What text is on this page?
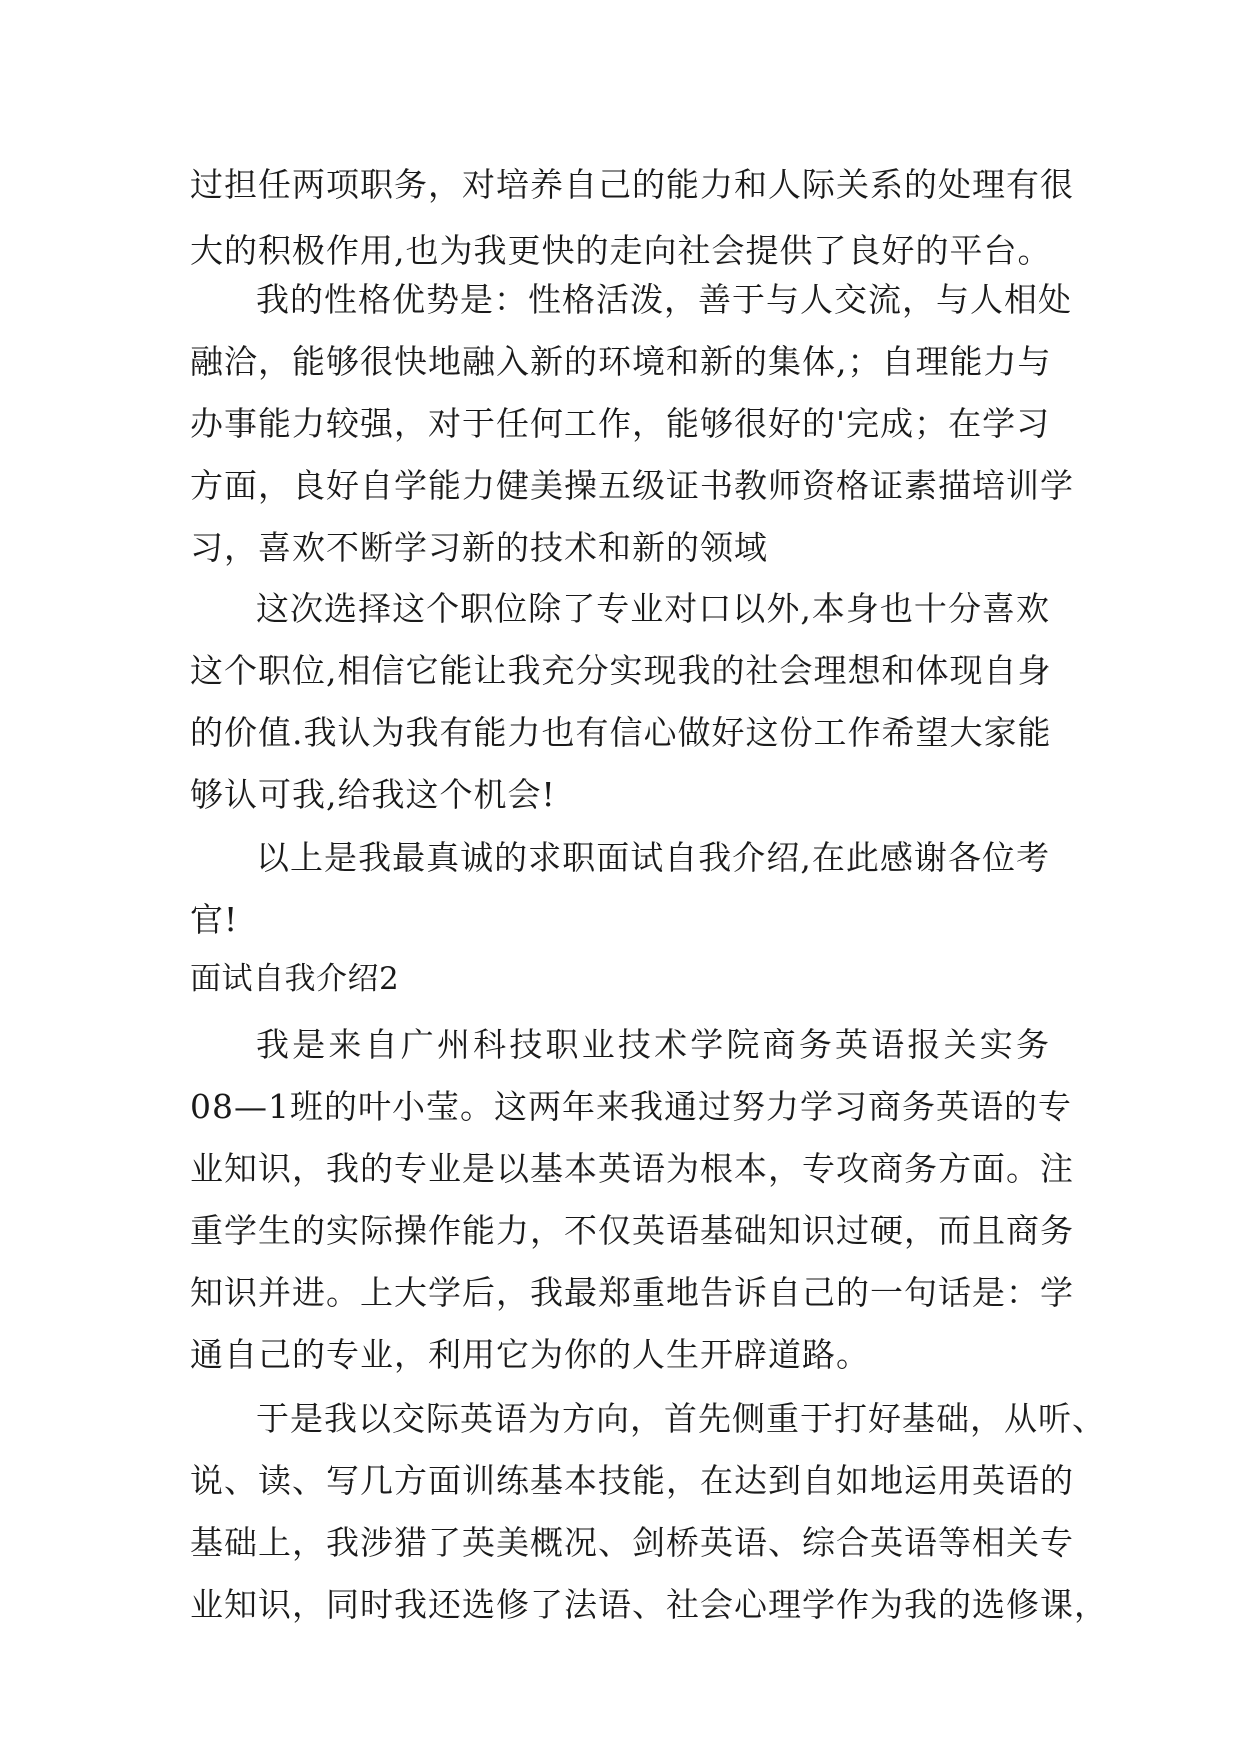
过担任两项职务，对培养自己的能力和人际关系的处理有很
大的积极作用,也为我更快的走向社会提供了良好的平台。
我的性格优势是：性格活泼，善于与人交流，与人相处
融洽，能够很快地融入新的环境和新的集体,；自理能力与
办事能力较强，对于任何工作，能够很好的'完成；在学习
方面，良好自学能力健美操五级证书教师资格证素描培训学
习，喜欢不断学习新的技术和新的领域
这次选择这个职位除了专业对口以外,本身也十分喜欢
这个职位,相信它能让我充分实现我的社会理想和体现自身
的价值.我认为我有能力也有信心做好这份工作希望大家能
够认可我,给我这个机会!
以上是我最真诚的求职面试自我介绍,在此感谢各位考
官!
面试自我介绍2
我是来自广州科技职业技术学院商务英语报关实务
08—1班的叶小莹。这两年来我通过努力学习商务英语的专
业知识，我的专业是以基本英语为根本，专攻商务方面。注
重学生的实际操作能力，不仅英语基础知识过硬，而且商务
知识并进。上大学后，我最郑重地告诉自己的一句话是：学
通自己的专业，利用它为你的人生开辟道路。
于是我以交际英语为方向，首先侧重于打好基础，从听、
说、读、写几方面训练基本技能，在达到自如地运用英语的
基础上，我涉猎了英美概况、剑桥英语、综合英语等相关专
业知识，同时我还选修了法语、社会心理学作为我的选修课，
